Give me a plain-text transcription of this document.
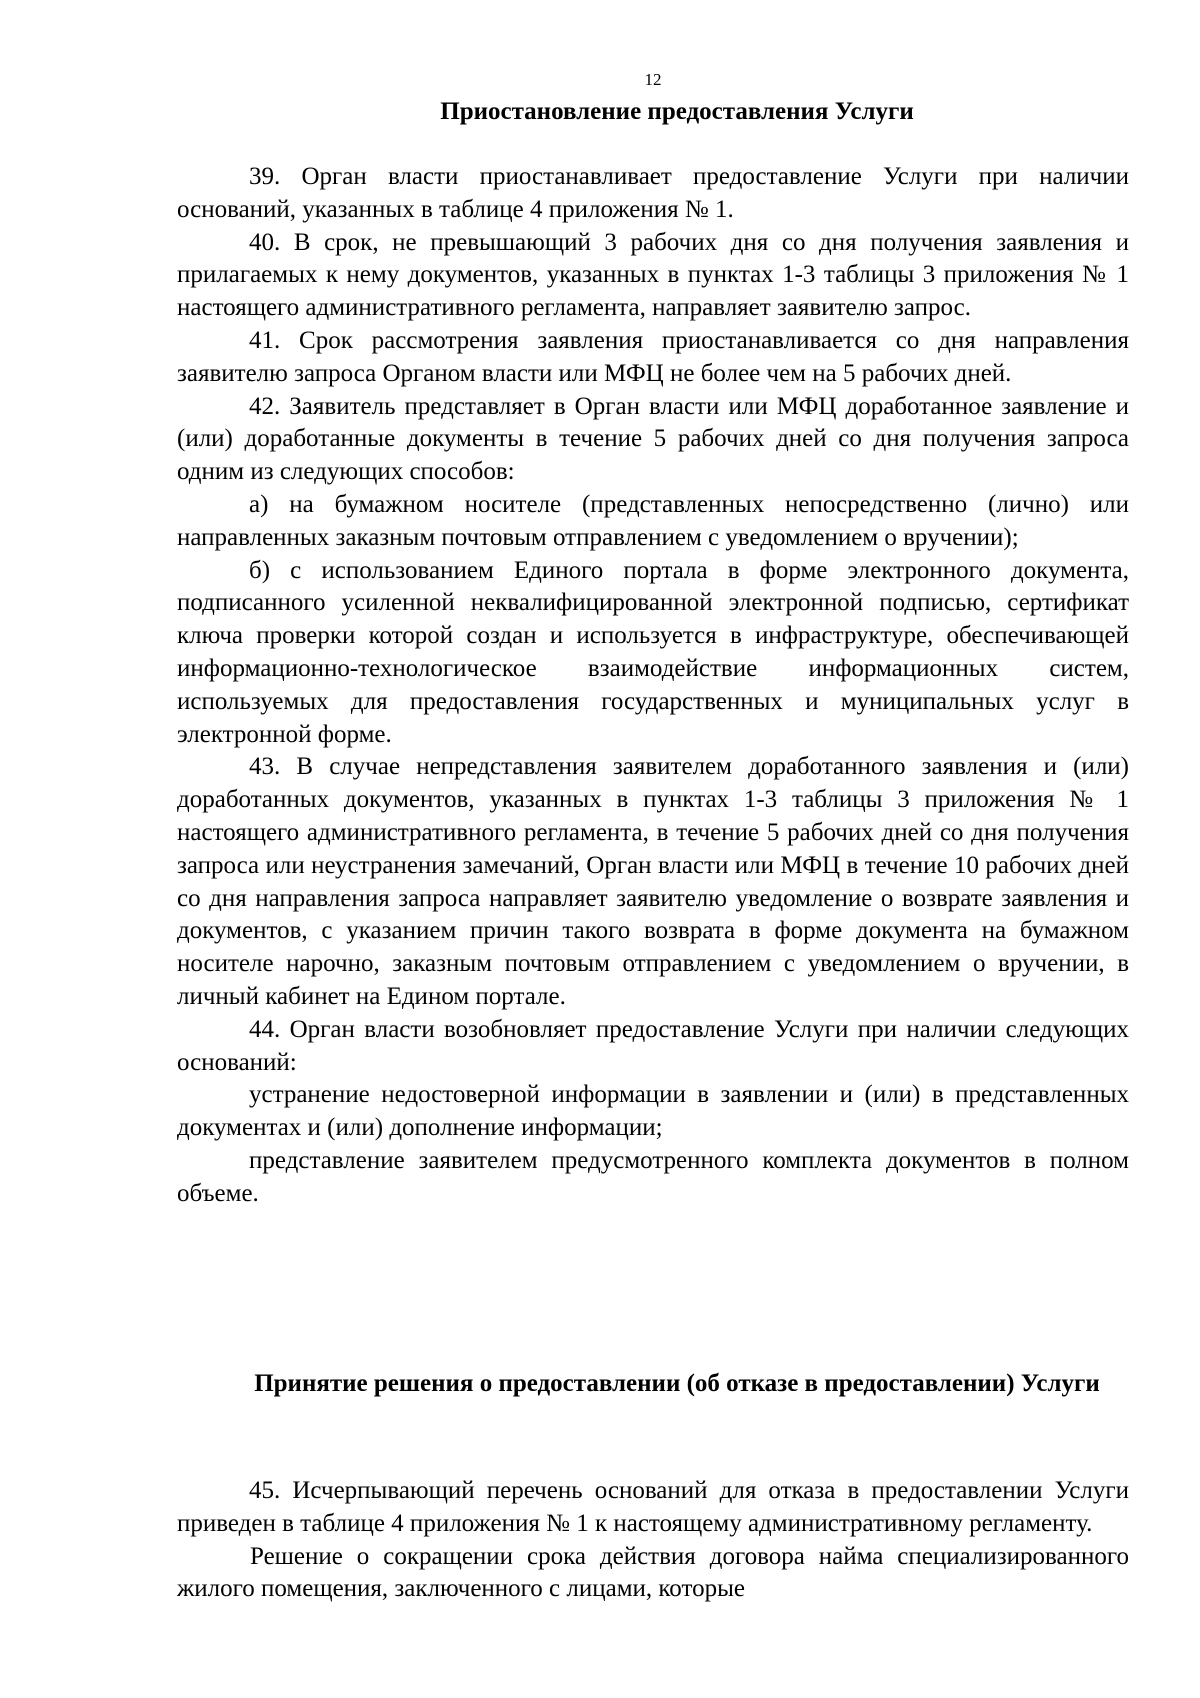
12
Приостановление предоставления Услуги

39. Орган власти приостанавливает предоставление Услуги при наличии оснований, указанных в таблице 4 приложения № 1.

40. В срок, не превышающий 3 рабочих дня со дня получения заявления и прилагаемых к нему документов, указанных в пунктах 1-3 таблицы 3 приложения № 1 настоящего административного регламента, направляет заявителю запрос.

41. Срок рассмотрения заявления приостанавливается со дня направления заявителю запроса Органом власти или МФЦ не более чем на 5 рабочих дней.

42. Заявитель представляет в Орган власти или МФЦ доработанное заявление и (или) доработанные документы в течение 5 рабочих дней со дня получения запроса одним из следующих способов:

а) на бумажном носителе (представленных непосредственно (лично) или направленных заказным почтовым отправлением с уведомлением о вручении);

б) с использованием Единого портала в форме электронного документа, подписанного усиленной неквалифицированной электронной подписью, сертификат ключа проверки которой создан и используется в инфраструктуре, обеспечивающей информационно-технологическое взаимодействие информационных систем, используемых для предоставления государственных и муниципальных услуг в электронной форме.

43. В случае непредставления заявителем доработанного заявления и (или) доработанных документов, указанных в пунктах 1-3 таблицы 3 приложения № 1 настоящего административного регламента, в течение 5 рабочих дней со дня получения запроса или неустранения замечаний, Орган власти или МФЦ в течение 10 рабочих дней со дня направления запроса направляет заявителю уведомление о возврате заявления и документов, с указанием причин такого возврата в форме документа на бумажном носителе нарочно, заказным почтовым отправлением с уведомлением о вручении, в личный кабинет на Едином портале.

44. Орган власти возобновляет предоставление Услуги при наличии следующих оснований:

устранение недостоверной информации в заявлении и (или) в представленных документах и (или) дополнение информации;

представление заявителем предусмотренного комплекта документов в полном объеме.

Принятие решения о предоставлении (об отказе в предоставлении) Услуги

45. Исчерпывающий перечень оснований для отказа в предоставлении Услуги приведен в таблице 4 приложения № 1 к настоящему административному регламенту.

Решение о сокращении срока действия договора найма специализированного жилого помещения, заключенного с лицами, которые
